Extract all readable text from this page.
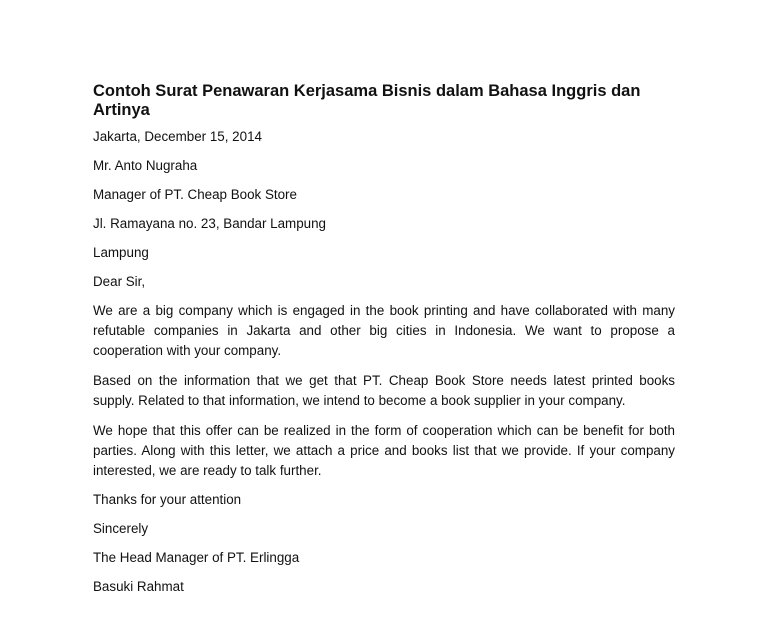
Contoh Surat Penawaran Kerjasama Bisnis dalam Bahasa Inggris dan Artinya

Jakarta, December 15, 2014

Mr. Anto Nugraha

Manager of PT. Cheap Book Store

Jl. Ramayana no. 23, Bandar Lampung

Lampung

Dear Sir,

We are a big company which is engaged in the book printing and have collaborated with many refutable companies in Jakarta and other big cities in Indonesia. We want to propose a cooperation with your company.

Based on the information that we get that PT. Cheap Book Store needs latest printed books supply. Related to that information, we intend to become a book supplier in your company.

We hope that this offer can be realized in the form of cooperation which can be benefit for both parties. Along with this letter, we attach a price and books list that we provide. If your company interested, we are ready to talk further.

Thanks for your attention

Sincerely

The Head Manager of PT. Erlingga

Basuki Rahmat
